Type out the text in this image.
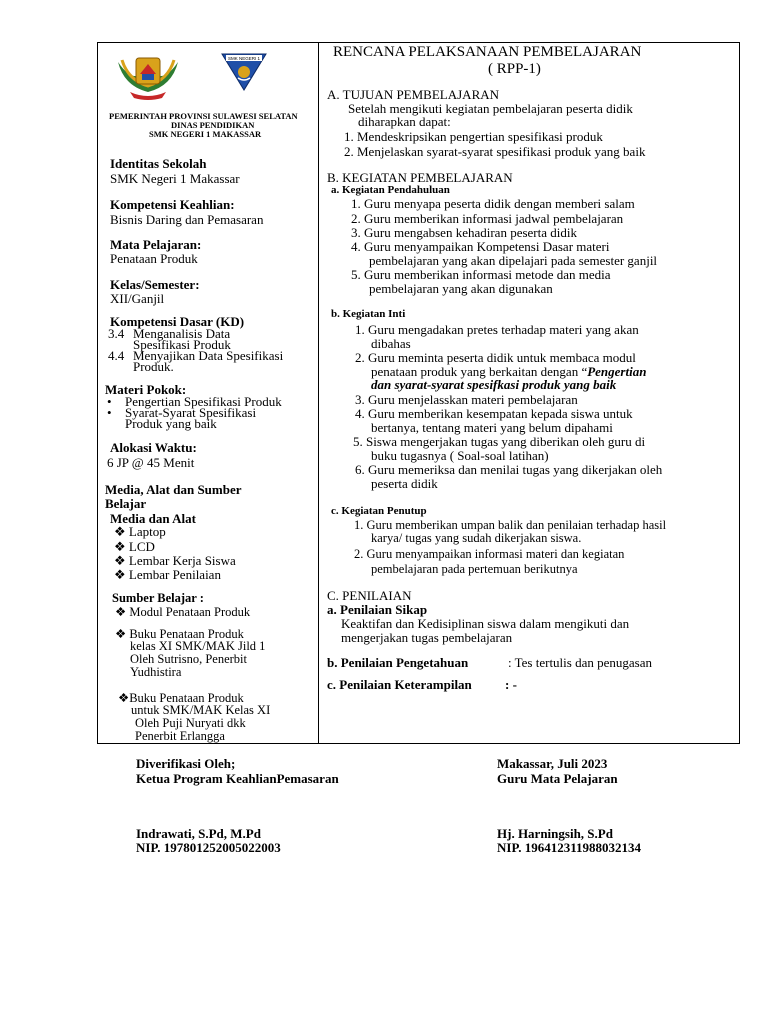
SMK NEGERI 1
PEMERINTAH PROVINSI SULAWESI SELATAN
DINAS PENDIDIKAN
SMK NEGERI 1 MAKASSAR
Identitas Sekolah
SMK Negeri 1 Makassar
Kompetensi Keahlian:
Bisnis Daring dan Pemasaran
Mata Pelajaran:
Penataan Produk
Kelas/Semester:
XII/Ganjil
Kompetensi Dasar (KD)
3.4 Menganalisis Data
Spesifikasi Produk
4.4 Menyajikan Data Spesifikasi
Produk.
Materi Pokok:
• Pengertian Spesifikasi Produk
• Syarat-Syarat Spesifikasi
Produk yang baik
Alokasi Waktu:
6 JP @ 45 Menit
Media, Alat dan Sumber
Belajar
Media dan Alat
❖ Laptop
❖ LCD
❖ Lembar Kerja Siswa
❖ Lembar Penilaian
Sumber Belajar :
❖ Modul Penataan Produk
❖ Buku Penataan Produk
kelas XI SMK/MAK Jild 1
Oleh Sutrisno, Penerbit
Yudhistira
❖Buku Penataan Produk
untuk SMK/MAK Kelas XI
Oleh Puji Nuryati dkk
Penerbit Erlangga
RENCANA PELAKSANAAN PEMBELAJARAN
( RPP-1)
A. TUJUAN PEMBELAJARAN
Setelah mengikuti kegiatan pembelajaran peserta didik
diharapkan dapat:
1. Mendeskripsikan pengertian spesifikasi produk
2. Menjelaskan syarat-syarat spesifikasi produk yang baik
B. KEGIATAN PEMBELAJARAN
a. Kegiatan Pendahuluan
1. Guru menyapa peserta didik dengan memberi salam
2. Guru memberikan informasi jadwal pembelajaran
3. Guru mengabsen kehadiran peserta didik
4. Guru menyampaikan Kompetensi Dasar materi
pembelajaran yang akan dipelajari pada semester ganjil
5. Guru memberikan informasi metode dan media
pembelajaran yang akan digunakan
b. Kegiatan Inti
1. Guru mengadakan pretes terhadap materi yang akan
dibahas
2. Guru meminta peserta didik untuk membaca modul
penataan produk yang berkaitan dengan “Pengertian
dan syarat-syarat spesifkasi produk yang baik
3. Guru menjelasskan materi pembelajaran
4. Guru memberikan kesempatan kepada siswa untuk
bertanya, tentang materi yang belum dipahami
5. Siswa mengerjakan tugas yang diberikan oleh guru di
buku tugasnya ( Soal-soal latihan)
6. Guru memeriksa dan menilai tugas yang dikerjakan oleh
peserta didik
c. Kegiatan Penutup
1. Guru memberikan umpan balik dan penilaian terhadap hasil
karya/ tugas yang sudah dikerjakan siswa.
2. Guru menyampaikan informasi materi dan kegiatan
pembelajaran pada pertemuan berikutnya
C. PENILAIAN
a. Penilaian Sikap
Keaktifan dan Kedisiplinan siswa dalam mengikuti dan
mengerjakan tugas pembelajaran
b. Penilaian Pengetahuan	: Tes tertulis dan penugasan
c. Penilaian Keterampilan	: -
Diverifikasi Oleh;
Ketua Program KeahlianPemasaran
Indrawati, S.Pd, M.Pd
NIP. 197801252005022003
Makassar, Juli 2023
Guru Mata Pelajaran
Hj. Harningsih, S.Pd
NIP. 196412311988032134
